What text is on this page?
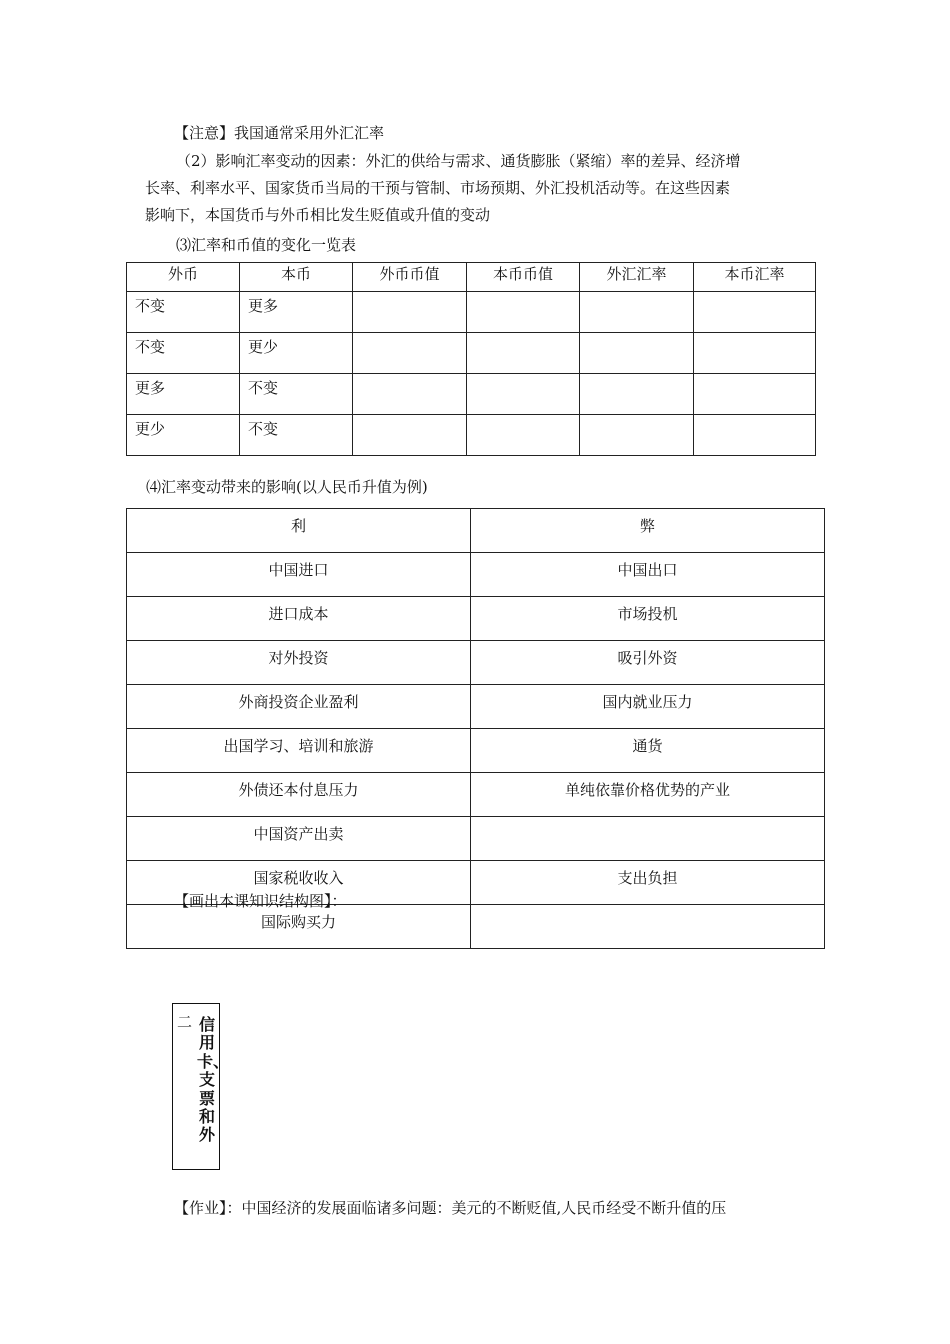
【注意】我国通常采用外汇汇率
（2）影响汇率变动的因素：外汇的供给与需求、通货膨胀（紧缩）率的差异、经济增
长率、利率水平、国家货币当局的干预与管制、市场预期、外汇投机活动等。在这些因素
影响下，本国货币与外币相比发生贬值或升值的变动
⑶汇率和币值的变化一览表
外币	本币	外币币值	本币币值	外汇汇率	本币汇率
不变	更多				
不变	更少				
更多	不变				
更少	不变				
⑷汇率变动带来的影响(以人民币升值为例)
利	弊
中国进口	中国出口
进口成本	市场投机
对外投资	吸引外资
外商投资企业盈利	国内就业压力
出国学习、培训和旅游	通货
外债还本付息压力	单纯依靠价格优势的产业
中国资产出卖	
国家税收收入	支出负担
国际购买力	
【画出本课知识结构图】：
二 信用卡、支票和外
【作业】：中国经济的发展面临诸多问题：美元的不断贬值,人民币经受不断升值的压
